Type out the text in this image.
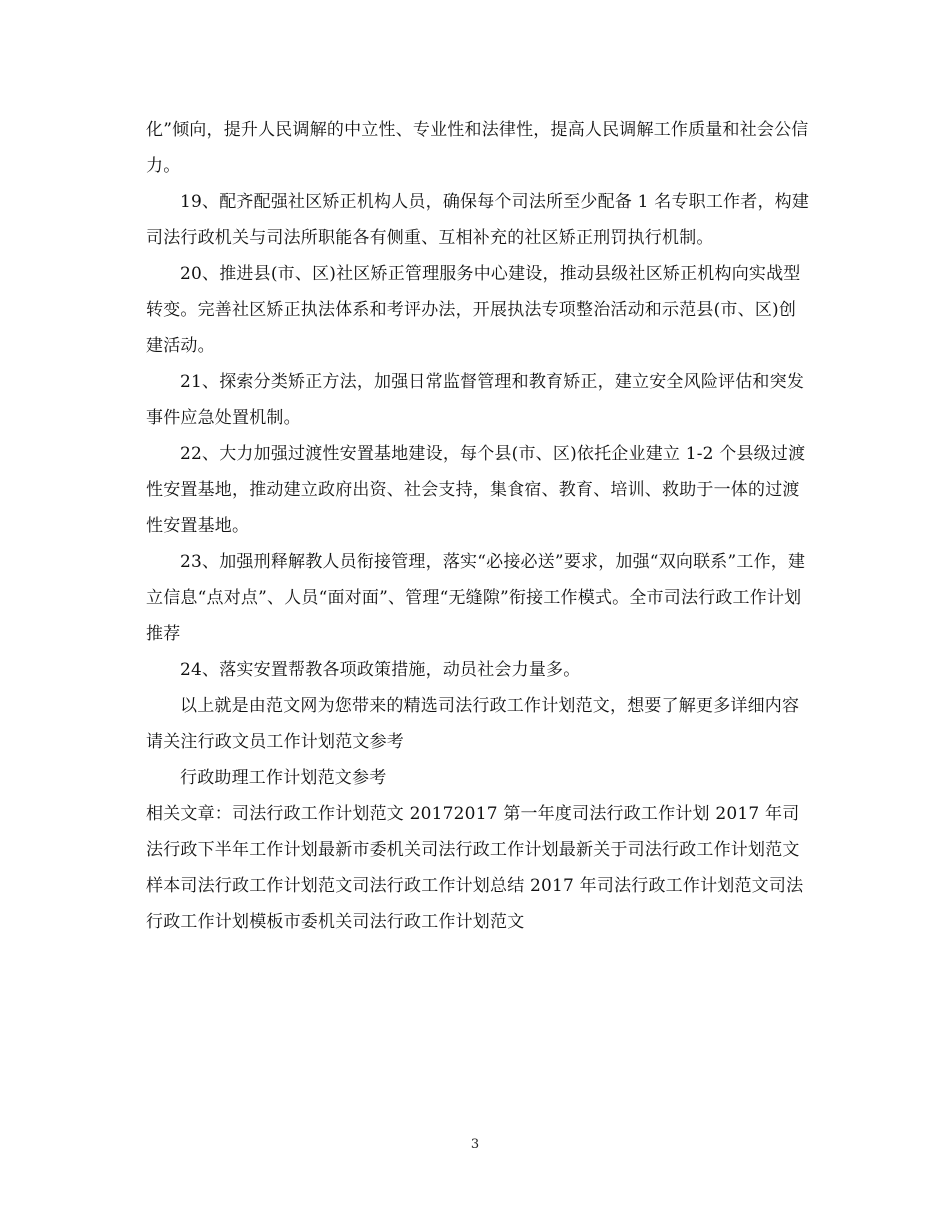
化”倾向，提升人民调解的中立性、专业性和法律性，提高人民调解工作质量和社会公信力。

19、配齐配强社区矫正机构人员，确保每个司法所至少配备 1 名专职工作者，构建司法行政机关与司法所职能各有侧重、互相补充的社区矫正刑罚执行机制。

20、推进县(市、区)社区矫正管理服务中心建设，推动县级社区矫正机构向实战型转变。完善社区矫正执法体系和考评办法，开展执法专项整治活动和示范县(市、区)创建活动。

21、探索分类矫正方法，加强日常监督管理和教育矫正，建立安全风险评估和突发事件应急处置机制。

22、大力加强过渡性安置基地建设，每个县(市、区)依托企业建立 1-2 个县级过渡性安置基地，推动建立政府出资、社会支持，集食宿、教育、培训、救助于一体的过渡性安置基地。

23、加强刑释解教人员衔接管理，落实“必接必送”要求，加强“双向联系”工作，建立信息“点对点”、人员“面对面”、管理“无缝隙”衔接工作模式。全市司法行政工作计划推荐

24、落实安置帮教各项政策措施，动员社会力量多。

以上就是由范文网为您带来的精选司法行政工作计划范文，想要了解更多详细内容请关注行政文员工作计划范文参考

行政助理工作计划范文参考

相关文章：司法行政工作计划范文 20172017 第一年度司法行政工作计划 2017 年司法行政下半年工作计划最新市委机关司法行政工作计划最新关于司法行政工作计划范文样本司法行政工作计划范文司法行政工作计划总结 2017 年司法行政工作计划范文司法行政工作计划模板市委机关司法行政工作计划范文

3
